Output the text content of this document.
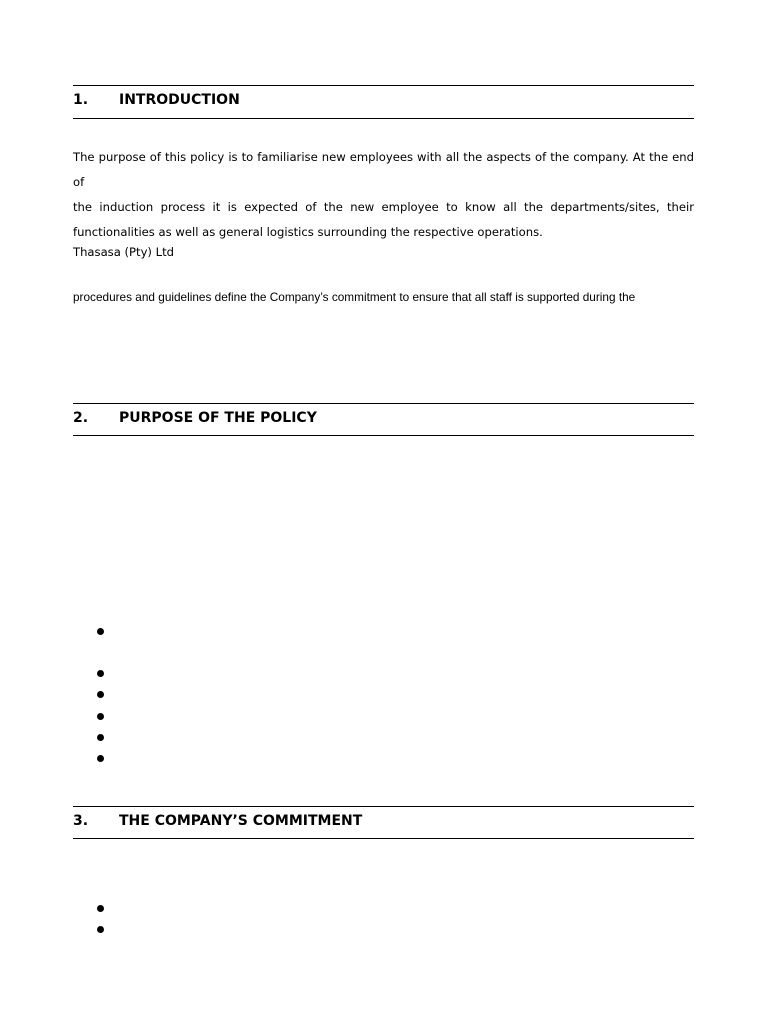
1. INTRODUCTION
The purpose of this policy is to familiarise new employees with all the aspects of the company. At the end of
the induction process it is expected of the new employee to know all the departments/sites, their
functionalities as well as general logistics surrounding the respective operations.
Thasasa (Pty) Ltd
procedures and guidelines define the Company’s commitment to ensure that all staff is supported during the
2. PURPOSE OF THE POLICY
3. THE COMPANY’S COMMITMENT
